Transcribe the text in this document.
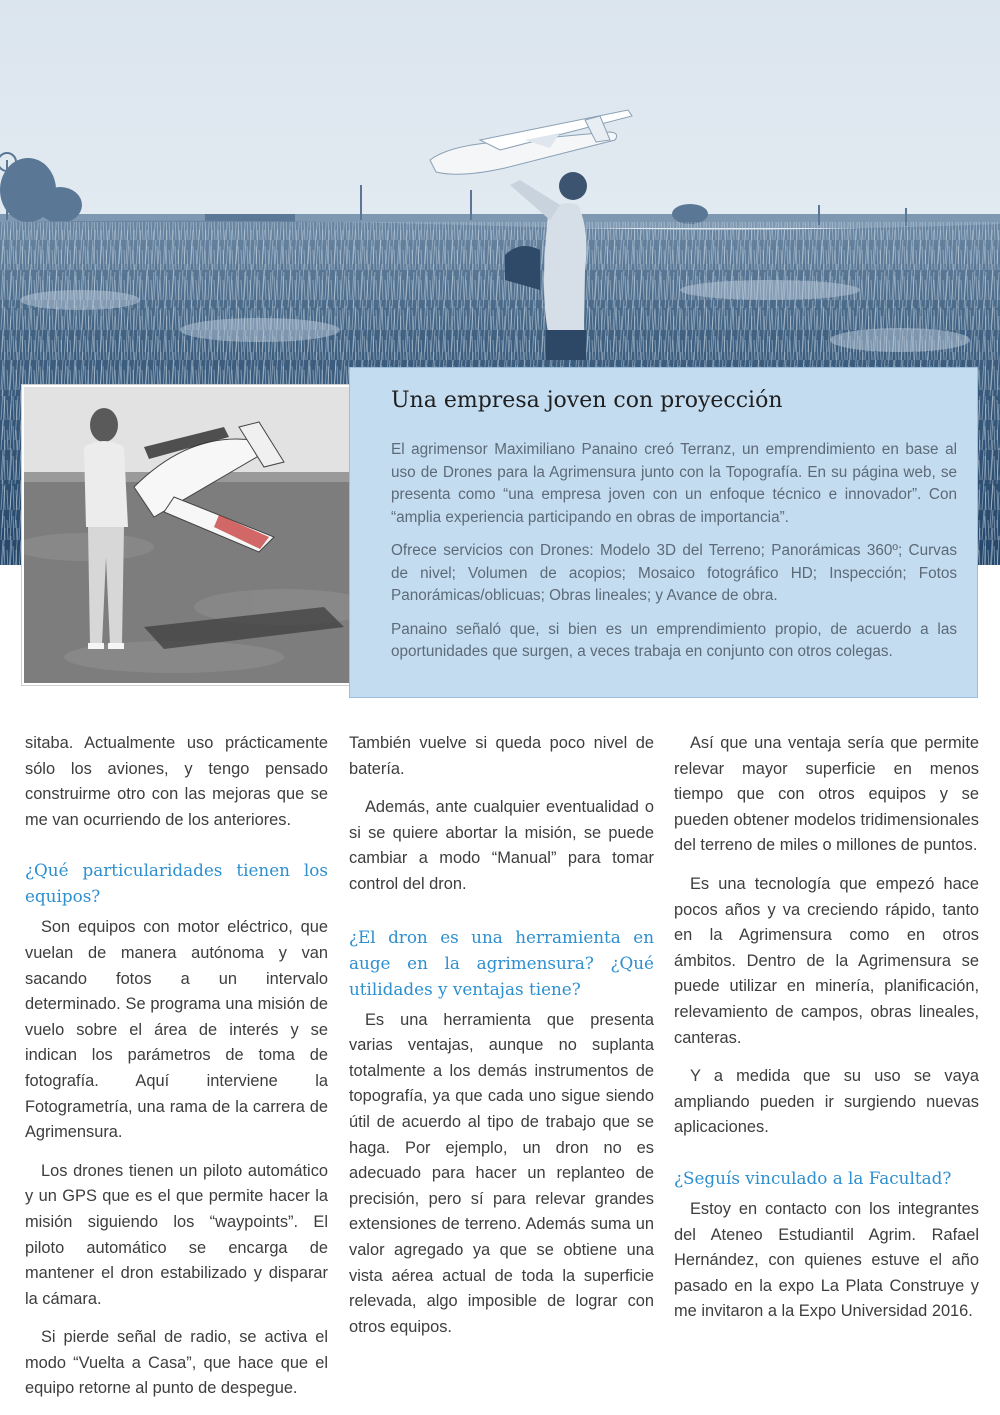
Una empresa joven con proyección

El agrimensor Maximiliano Panaino creó Terranz, un emprendimiento en base al uso de Drones para la Agrimensura junto con la Topografía. En su página web, se presenta como “una empresa joven con un enfoque técnico e innovador”. Con “amplia experiencia participando en obras de importancia”.

Ofrece servicios con Drones: Modelo 3D del Terreno; Panorámicas 360º; Curvas de nivel; Volumen de acopios; Mosaico fotográfico HD; Inspección; Fotos Panorámicas/oblicuas; Obras lineales; y Avance de obra.

Panaino señaló que, si bien es un emprendimiento propio, de acuerdo a las oportunidades que surgen, a veces trabaja en conjunto con otros colegas.

sitaba. Actualmente uso prácticamente sólo los aviones, y tengo pensado construirme otro con las mejoras que se me van ocurriendo de los anteriores.

¿Qué particularidades tienen los equipos?

Son equipos con motor eléctrico, que vuelan de manera autónoma y van sacando fotos a un intervalo determinado. Se programa una misión de vuelo sobre el área de interés y se indican los parámetros de toma de fotografía. Aquí interviene la Fotogrametría, una rama de la carrera de Agrimensura.

Los drones tienen un piloto automático y un GPS que es el que permite hacer la misión siguiendo los “waypoints”. El piloto automático se encarga de mantener el dron estabilizado y disparar la cámara.

Si pierde señal de radio, se activa el modo “Vuelta a Casa”, que hace que el equipo retorne al punto de despegue.

También vuelve si queda poco nivel de batería.

Además, ante cualquier eventualidad o si se quiere abortar la misión, se puede cambiar a modo “Manual” para tomar control del dron.

¿El dron es una herramienta en auge en la agrimensura? ¿Qué utilidades y ventajas tiene?

Es una herramienta que presenta varias ventajas, aunque no suplanta totalmente a los demás instrumentos de topografía, ya que cada uno sigue siendo útil de acuerdo al tipo de trabajo que se haga. Por ejemplo, un dron no es adecuado para hacer un replanteo de precisión, pero sí para relevar grandes extensiones de terreno. Además suma un valor agregado ya que se obtiene una vista aérea actual de toda la superficie relevada, algo imposible de lograr con otros equipos.

Así que una ventaja sería que permite relevar mayor superficie en menos tiempo que con otros equipos y se pueden obtener modelos tridimensionales del terreno de miles o millones de puntos.

Es una tecnología que empezó hace pocos años y va creciendo rápido, tanto en la Agrimensura como en otros ámbitos. Dentro de la Agrimensura se puede utilizar en minería, planificación, relevamiento de campos, obras lineales, canteras.

Y a medida que su uso se vaya ampliando pueden ir surgiendo nuevas aplicaciones.

¿Seguís vinculado a la Facultad?

Estoy en contacto con los integrantes del Ateneo Estudiantil Agrim. Rafael Hernández, con quienes estuve el año pasado en la expo La Plata Construye y me invitaron a la Expo Universidad 2016.
